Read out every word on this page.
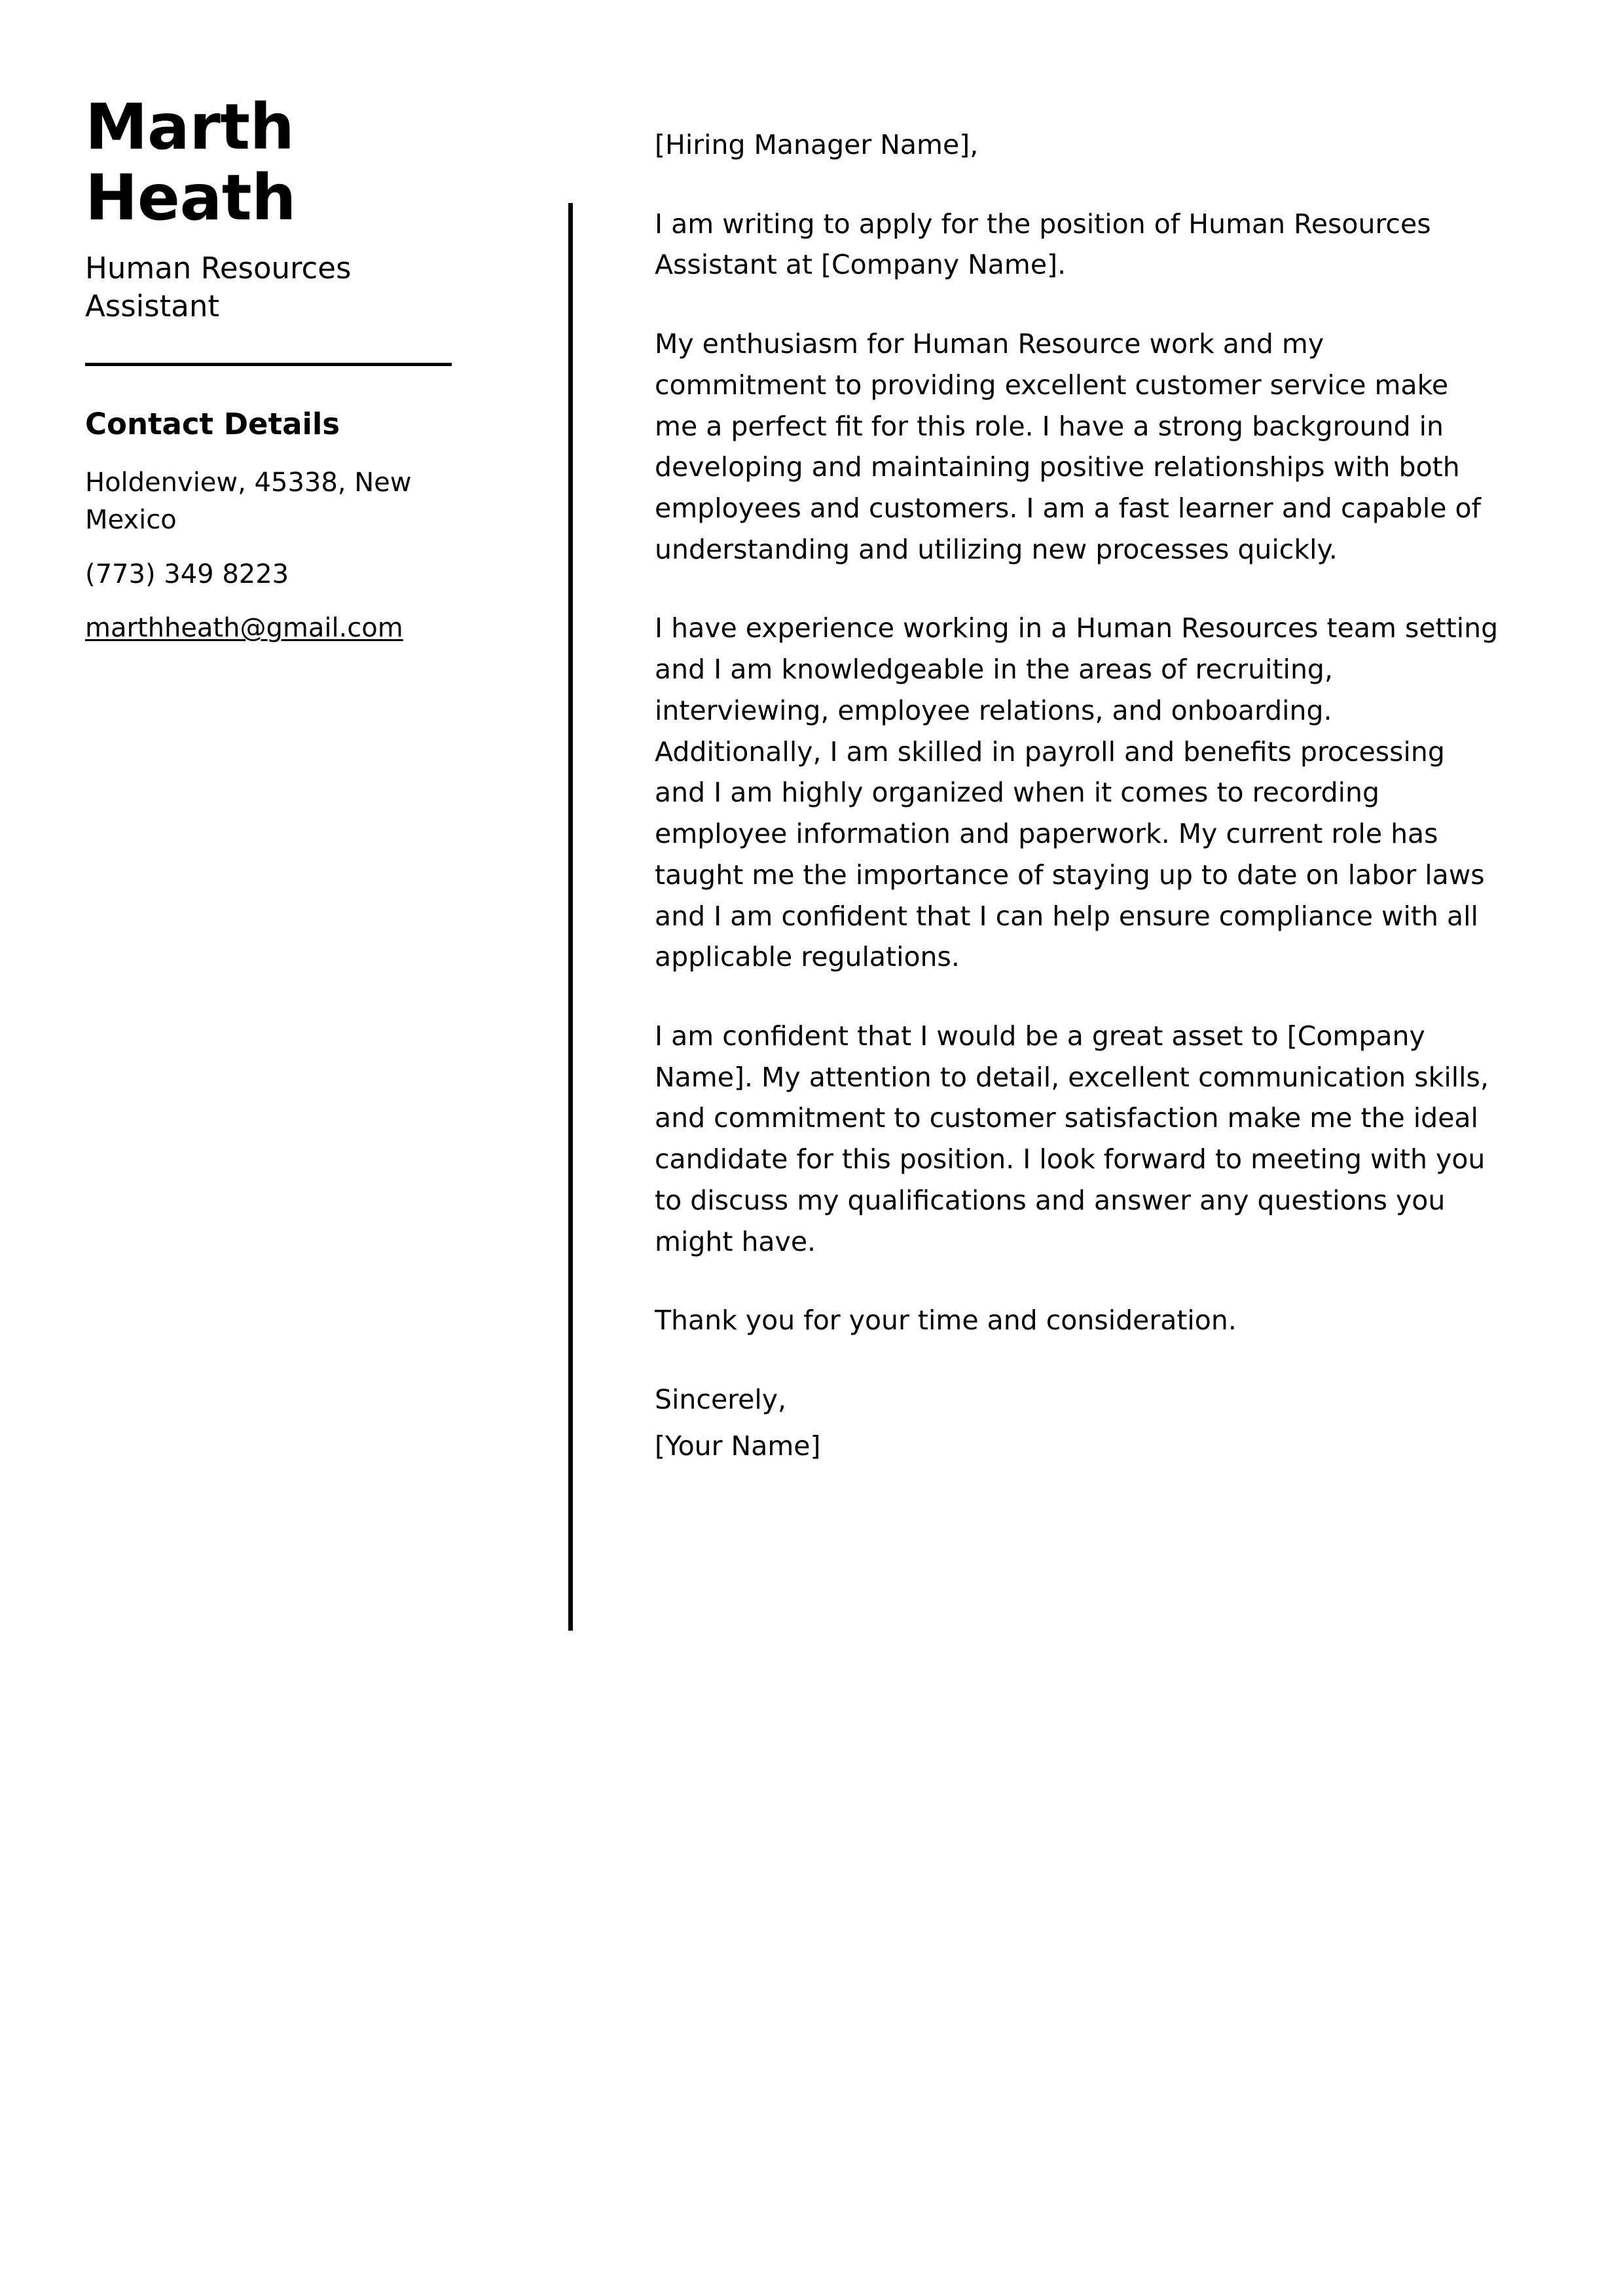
Marth
Heath
Human Resources Assistant
Contact Details
Holdenview, 45338, New Mexico
(773) 349 8223
marthheath@gmail.com

[Hiring Manager Name],

I am writing to apply for the position of Human Resources Assistant at [Company Name].

My enthusiasm for Human Resource work and my commitment to providing excellent customer service make me a perfect fit for this role. I have a strong background in developing and maintaining positive relationships with both employees and customers. I am a fast learner and capable of understanding and utilizing new processes quickly.

I have experience working in a Human Resources team setting and I am knowledgeable in the areas of recruiting, interviewing, employee relations, and onboarding. Additionally, I am skilled in payroll and benefits processing and I am highly organized when it comes to recording employee information and paperwork. My current role has taught me the importance of staying up to date on labor laws and I am confident that I can help ensure compliance with all applicable regulations.

I am confident that I would be a great asset to [Company Name]. My attention to detail, excellent communication skills, and commitment to customer satisfaction make me the ideal candidate for this position. I look forward to meeting with you to discuss my qualifications and answer any questions you might have.

Thank you for your time and consideration.

Sincerely,

[Your Name]
